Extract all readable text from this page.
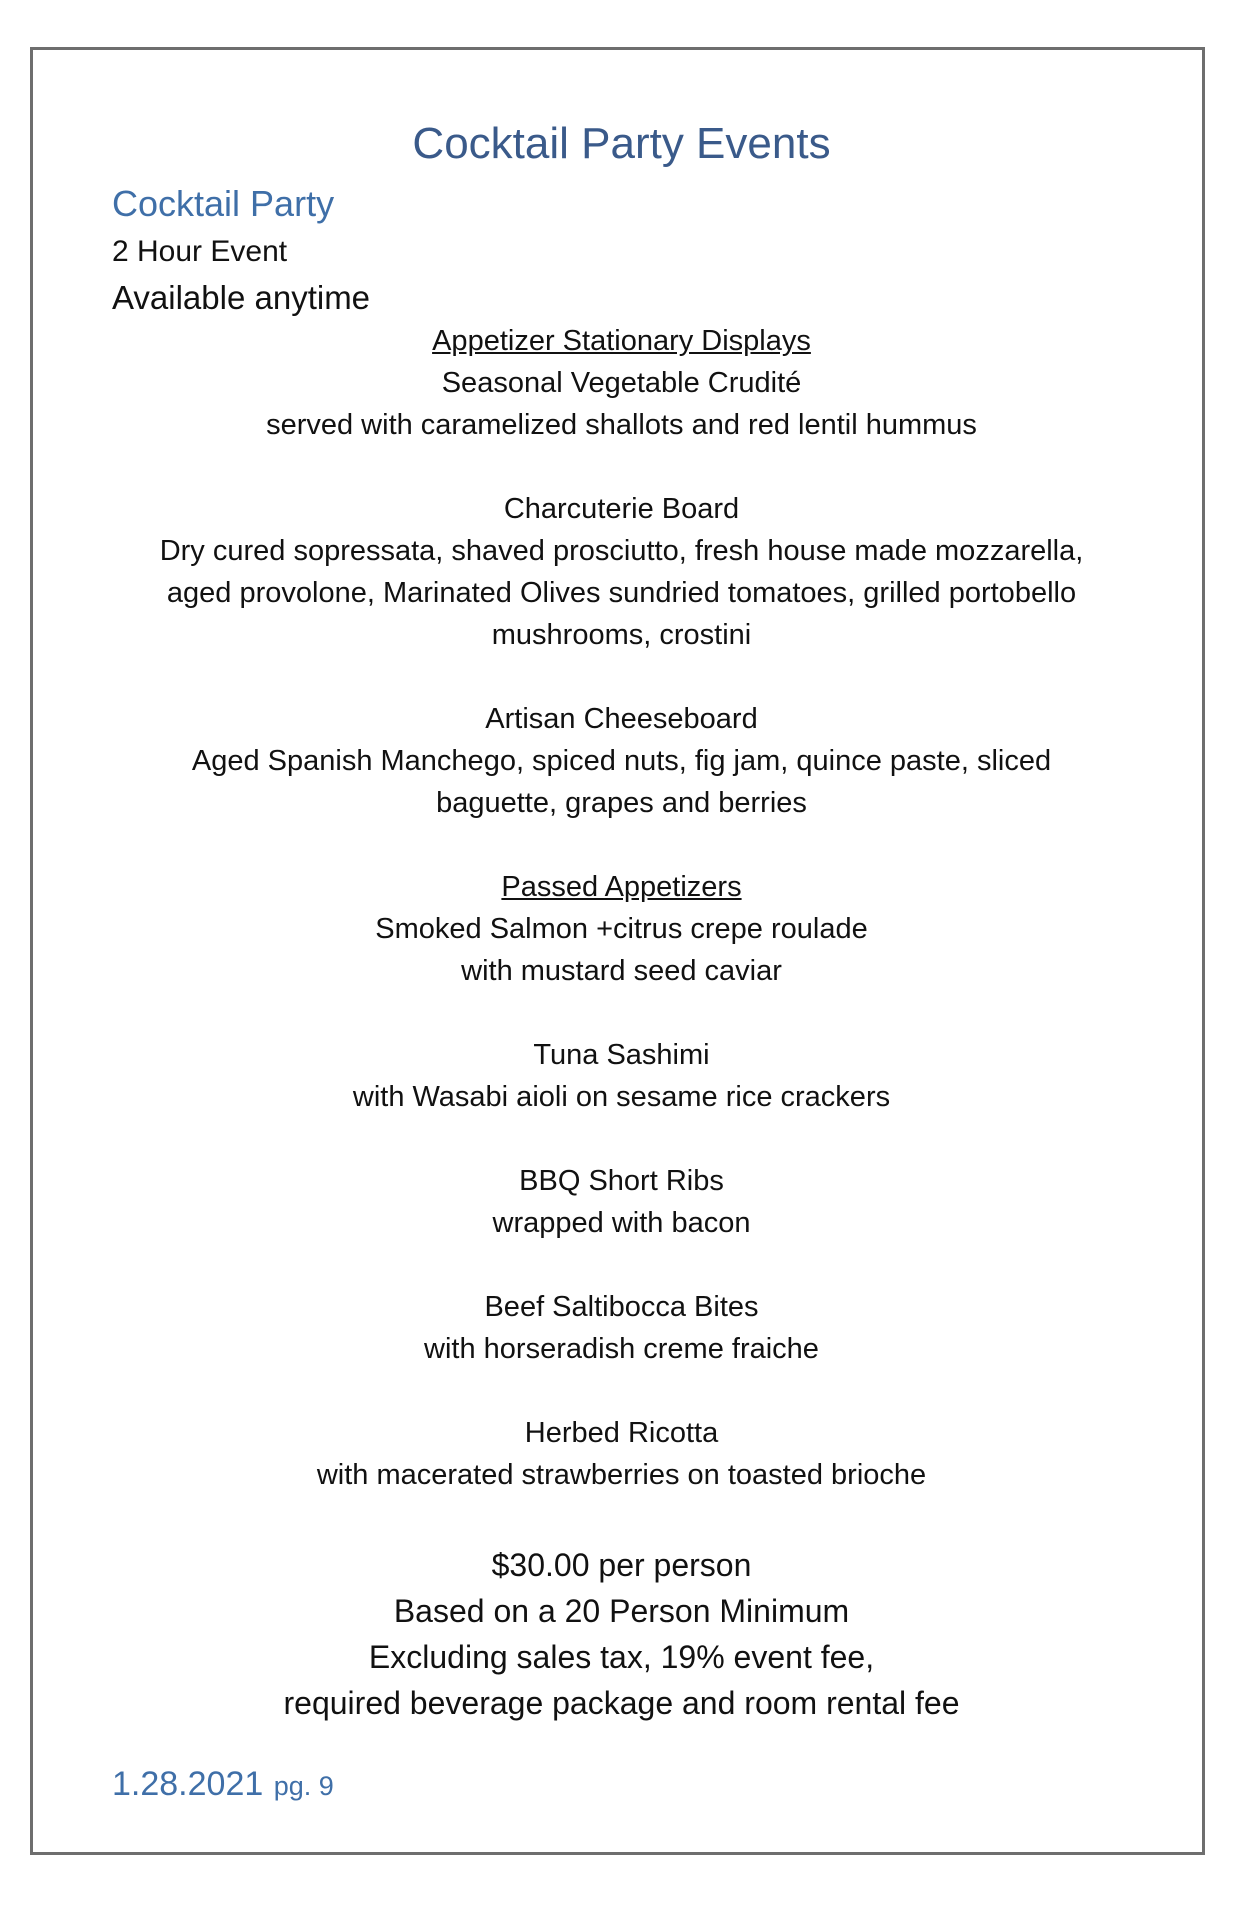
Cocktail Party Events
Cocktail Party
2 Hour Event
Available anytime
Appetizer Stationary Displays
Seasonal Vegetable Crudité
served with caramelized shallots and red lentil hummus
Charcuterie Board
Dry cured sopressata, shaved prosciutto, fresh house made mozzarella,
aged provolone, Marinated Olives sundried tomatoes, grilled portobello
mushrooms, crostini
Artisan Cheeseboard
Aged Spanish Manchego, spiced nuts, fig jam, quince paste, sliced
baguette, grapes and berries
Passed Appetizers
Smoked Salmon +citrus crepe roulade
with mustard seed caviar
Tuna Sashimi
with Wasabi aioli on sesame rice crackers
BBQ Short Ribs
wrapped with bacon
Beef Saltibocca Bites
with horseradish creme fraiche
Herbed Ricotta
with macerated strawberries on toasted brioche
$30.00 per person
Based on a 20 Person Minimum
Excluding sales tax, 19% event fee,
required beverage package and room rental fee
1.28.2021 pg. 9
